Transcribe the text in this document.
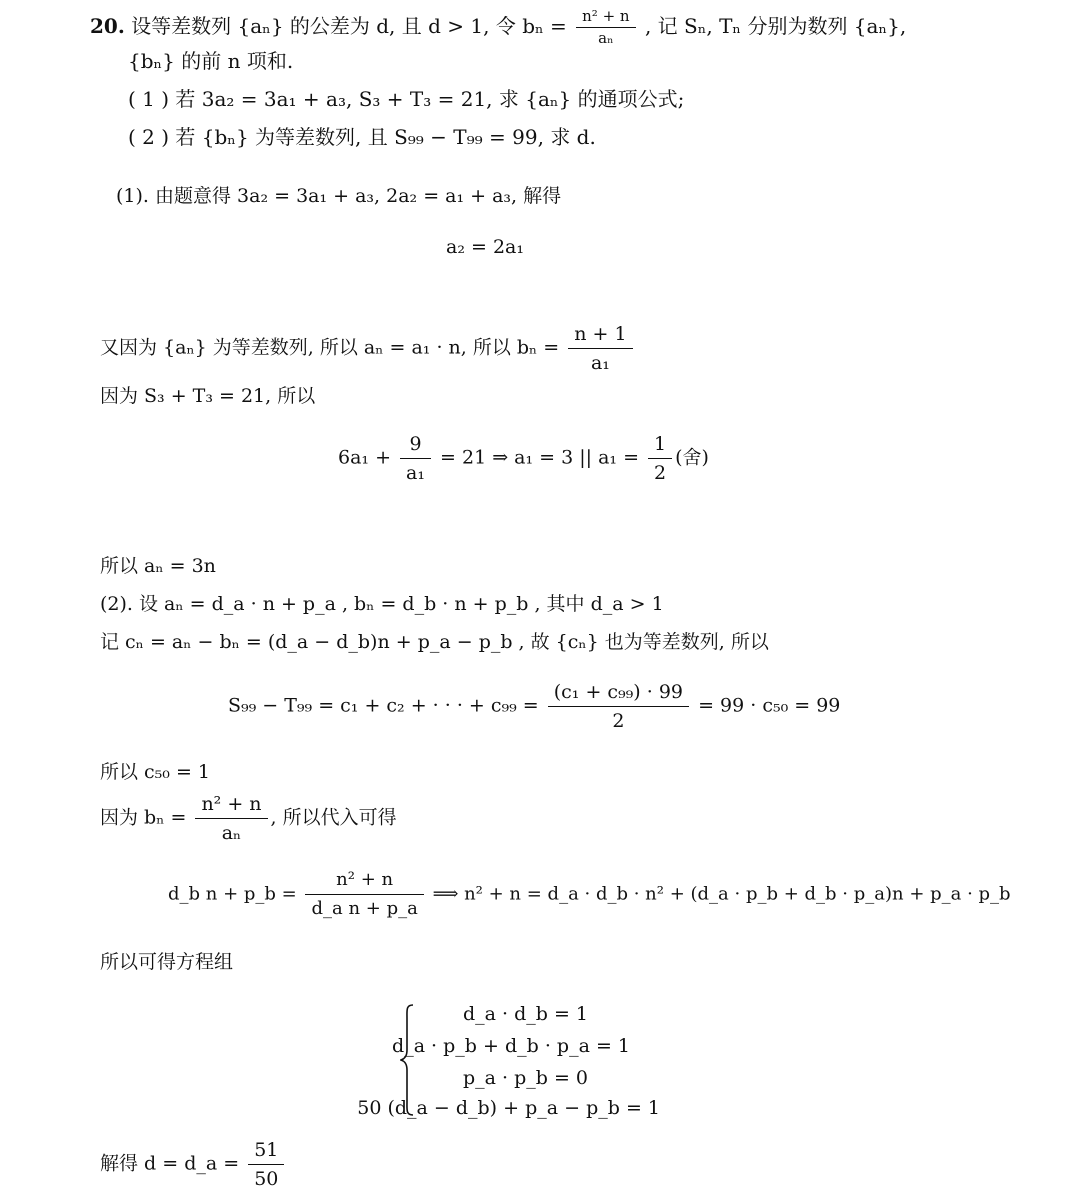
20. 设等差数列 {aₙ} 的公差为 d, 且 d > 1, 令 $b_n = \frac{\text{n² + n}}{\text{aₙ}}$ , 记 Sₙ, Tₙ 分别为数列 {aₙ},
{bₙ} 的前 n 项和.
( 1 ) 若 3a₂ = 3a₁ + a₃, S₃ + T₃ = 21, 求 {aₙ} 的通项公式;
( 2 ) 若 {bₙ} 为等差数列, 且 S₉₉ − T₉₉ = 99, 求 d.
(1). 由题意得 3a₂ = 3a₁ + a₃, 2a₂ = a₁ + a₃, 解得
a₂ = 2a₁
又因为 {aₙ} 为等差数列, 所以 aₙ = a₁ · n, 所以 $b_n = \frac{n + 1}{\text{a₁}}$
因为 S₃ + T₃ = 21, 所以
$6a_1 + \frac{9}{\text{a₁}} = 21$ ⇒ a₁ = 3 || $a_1 = \frac{1}{2}$ (舍)
所以 aₙ = 3n
(2). 设 aₙ = d_a · n + p_a , bₙ = d_b · n + p_b , 其中 d_a > 1
记 cₙ = aₙ − bₙ = (d_a − d_b)n + p_a − p_b , 故 {cₙ} 也为等差数列, 所以
S₉₉ − T₉₉ = c₁ + c₂ + · · · + $c_{99} = \frac{\text{(c₁ + c₉₉) · 99}}{2} = 99 \cdot c_{50} = 99$
所以 c₅₀ = 1
因为 $b_n = \frac{\text{n² + n}}{\text{aₙ}}$ , 所以代入可得
d_b n + p_b = $\frac{\text{n² + n}}{\text{d\_a n + p\_a}}$ ⟹ n² + n = d_a · d_b · n² + (d_a · p_b + d_b · p_a)n + p_a · p_b
所以可得方程组
d_a · d_b = 1
d_a · p_b + d_b · p_a = 1
p_a · p_b = 0
50 (d_a − d_b) + p_a − p_b = 1
解得 d = d_a = $\frac{51}{50}$
